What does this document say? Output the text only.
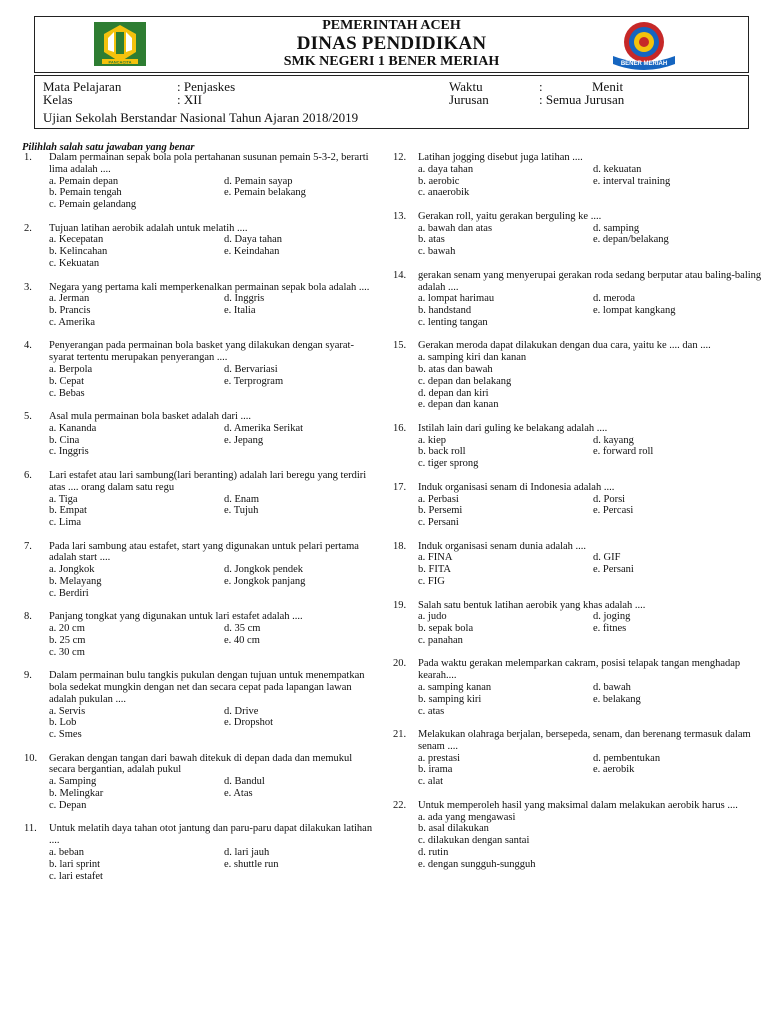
PANCACITA
PEMERINTAH ACEH
DINAS PENDIDIKAN
SMK NEGERI 1 BENER MERIAH	BENER MERIAH
Mata Pelajaran	: Penjaskes	Waktu	:	Menit
Kelas	: XII	Jurusan	: Semua Jurusan
Ujian Sekolah Berstandar Nasional Tahun Ajaran 2018/2019
Pilihlah salah satu jawaban yang benar
1. Dalam permainan sepak bola pola pertahanan susunan pemain 5-3-2, berarti lima adalah ....
a. Pemain depan	d. Pemain sayap
b. Pemain tengah	e. Pemain belakang
c. Pemain gelandang
2. Tujuan latihan aerobik adalah untuk melatih ....
a. Kecepatan	d. Daya tahan
b. Kelincahan	e. Keindahan
c. Kekuatan
3. Negara yang pertama kali memperkenalkan permainan sepak bola adalah ....
a. Jerman	d. Inggris
b. Prancis	e. Italia
c. Amerika
4. Penyerangan pada permainan bola basket yang dilakukan dengan syarat-syarat tertentu merupakan penyerangan ....
a. Berpola	d. Bervariasi
b. Cepat	e. Terprogram
c. Bebas
5. Asal mula permainan bola basket adalah dari ....
a. Kananda	d. Amerika Serikat
b. Cina	e. Jepang
c. Inggris
6. Lari estafet atau lari sambung(lari beranting) adalah lari beregu yang terdiri atas .... orang dalam satu regu
a. Tiga	d. Enam
b. Empat	e. Tujuh
c. Lima
7. Pada lari sambung atau estafet, start yang digunakan untuk pelari pertama adalah start ....
a. Jongkok	d. Jongkok pendek
b. Melayang	e. Jongkok panjang
c. Berdiri
8. Panjang tongkat yang digunakan untuk lari estafet adalah ....
a. 20 cm	d. 35 cm
b. 25 cm	e. 40 cm
c. 30 cm
9. Dalam permainan bulu tangkis pukulan dengan tujuan untuk menempatkan bola sedekat mungkin dengan net dan secara cepat pada lapangan lawan adalah pukulan ....
a. Servis	d. Drive
b. Lob	e. Dropshot
c. Smes
10. Gerakan dengan tangan dari bawah ditekuk di depan dada dan memukul secara bergantian, adalah pukul
a. Samping	d. Bandul
b. Melingkar	e. Atas
c. Depan
11. Untuk melatih daya tahan otot jantung dan paru-paru dapat dilakukan latihan ....
a. beban	d. lari jauh
b. lari sprint	e. shuttle run
c. lari estafet
12. Latihan jogging disebut juga latihan ....
a. daya tahan	d. kekuatan
b. aerobic	e. interval training
c. anaerobik
13. Gerakan roll, yaitu gerakan berguling ke ....
a. bawah dan atas	d. samping
b. atas	e. depan/belakang
c. bawah
14. gerakan senam yang menyerupai gerakan roda sedang berputar atau baling-baling adalah ....
a. lompat harimau	d. meroda
b. handstand	e. lompat kangkang
c. lenting tangan
15. Gerakan meroda dapat dilakukan dengan dua cara, yaitu ke .... dan ....
a. samping kiri dan kanan
b. atas dan bawah
c. depan dan belakang
d. depan dan kiri
e. depan dan kanan
16. Istilah lain dari guling ke belakang adalah ....
a. kiep	d. kayang
b. back roll	e. forward roll
c. tiger sprong
17. Induk organisasi senam di Indonesia adalah ....
a. Perbasi	d. Porsi
b. Persemi	e. Percasi
c. Persani
18. Induk organisasi senam dunia adalah ....
a. FINA	d. GIF
b. FITA	e. Persani
c. FIG
19. Salah satu bentuk latihan aerobik yang khas adalah ....
a. judo	d. joging
b. sepak bola	e. fitnes
c. panahan
20. Pada waktu gerakan melemparkan cakram, posisi telapak tangan menghadap kearah....
a. samping kanan	d. bawah
b. samping kiri	e. belakang
c. atas
21. Melakukan olahraga berjalan, bersepeda, senam, dan berenang termasuk dalam senam ....
a. prestasi	d. pembentukan
b. irama	e. aerobik
c. alat
22. Untuk memperoleh hasil yang maksimal dalam melakukan aerobik harus ....
a. ada yang mengawasi
b. asal dilakukan
c. dilakukan dengan santai
d. rutin
e. dengan sungguh-sungguh
